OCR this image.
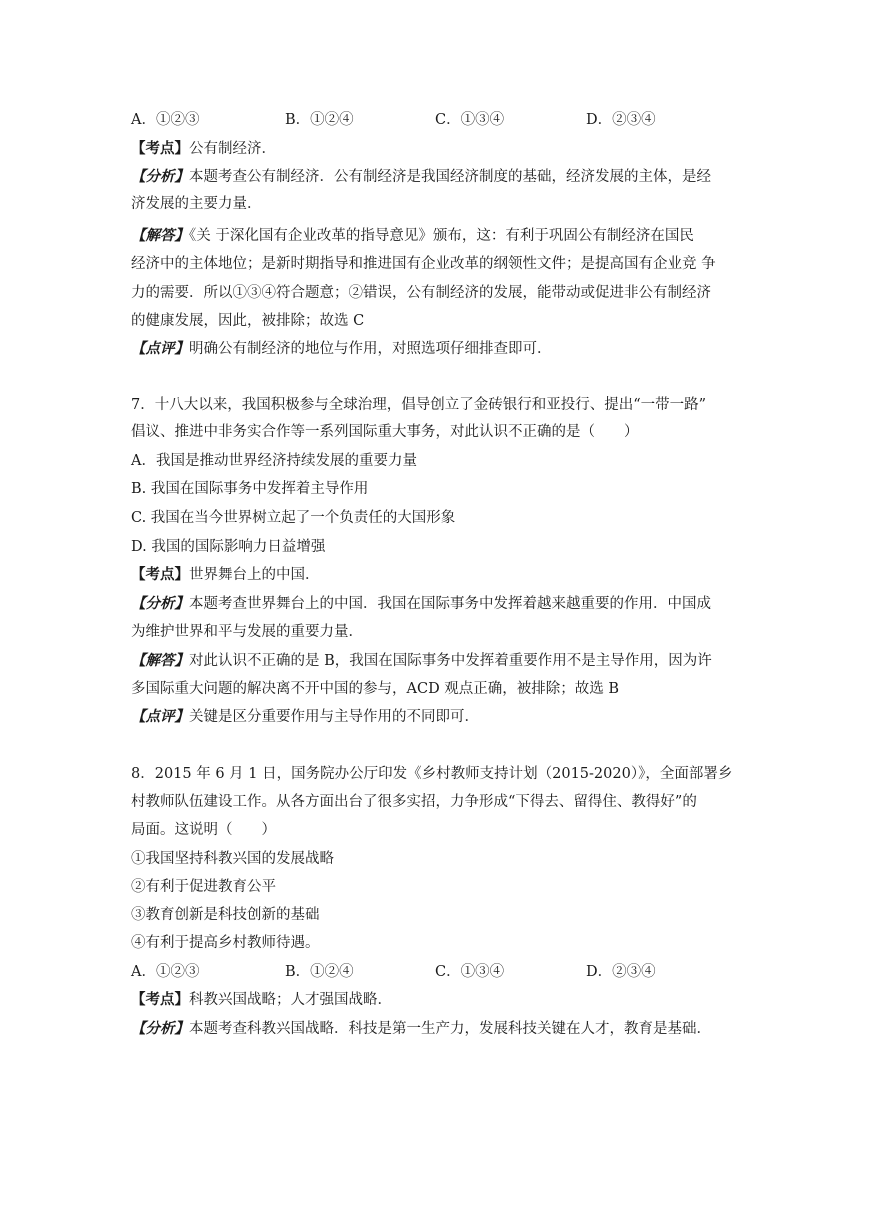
A．①②③	B．①②④	C．①③④	D．②③④
【考点】公有制经济．
【分析】本题考查公有制经济．公有制经济是我国经济制度的基础，经济发展的主体，是经
济发展的主要力量．
【解答】《关 于深化国有企业改革的指导意见》颁布，这：有利于巩固公有制经济在国民
经济中的主体地位；是新时期指导和推进国有企业改革的纲领性文件；是提高国有企业竞 争
力的需要．所以①③④符合题意；②错误，公有制经济的发展，能带动或促进非公有制经济
的健康发展，因此，被排除；故选 C
【点评】明确公有制经济的地位与作用，对照选项仔细排查即可．
7．十八大以来，我国积极参与全球治理，倡导创立了金砖银行和亚投行、提出“一带一路”
倡议、推进中非务实合作等一系列国际重大事务，对此认识不正确的是（　　）
A．我国是推动世界经济持续发展的重要力量
B. 我国在国际事务中发挥着主导作用
C. 我国在当今世界树立起了一个负责任的大国形象
D. 我国的国际影响力日益增强
【考点】世界舞台上的中国．
【分析】本题考查世界舞台上的中国．我国在国际事务中发挥着越来越重要的作用．中国成
为维护世界和平与发展的重要力量．
【解答】对此认识不正确的是 B，我国在国际事务中发挥着重要作用不是主导作用，因为许
多国际重大问题的解决离不开中国的参与，ACD 观点正确，被排除；故选 B
【点评】关键是区分重要作用与主导作用的不同即可．
8．2015 年 6 月 1 日，国务院办公厅印发《乡村教师支持计划（2015-2020）》，全面部署乡
村教师队伍建设工作。从各方面出台了很多实招，力争形成“下得去、留得住、教得好”的
局面。这说明（　　）
①我国坚持科教兴国的发展战略
②有利于促进教育公平
③教育创新是科技创新的基础
④有利于提高乡村教师待遇。
A．①②③	B．①②④	C．①③④	D．②③④
【考点】科教兴国战略；人才强国战略．
【分析】本题考查科教兴国战略．科技是第一生产力，发展科技关键在人才，教育是基础．
